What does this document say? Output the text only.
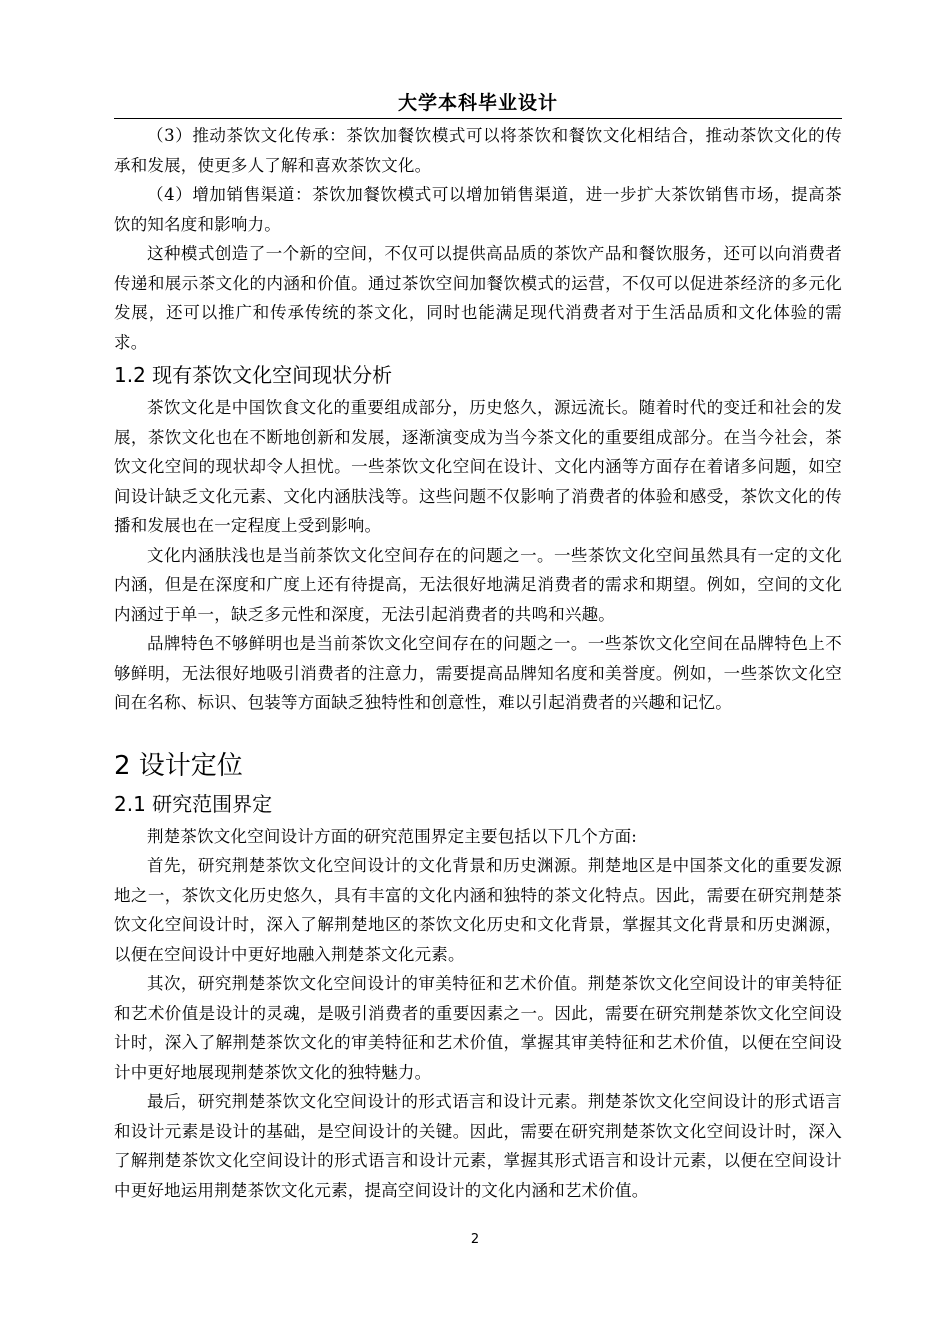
大学本科毕业设计

（3）推动茶饮文化传承：茶饮加餐饮模式可以将茶饮和餐饮文化相结合，推动茶饮文化的传承和发展，使更多人了解和喜欢茶饮文化。

（4）增加销售渠道：茶饮加餐饮模式可以增加销售渠道，进一步扩大茶饮销售市场，提高茶饮的知名度和影响力。

这种模式创造了一个新的空间，不仅可以提供高品质的茶饮产品和餐饮服务，还可以向消费者传递和展示茶文化的内涵和价值。通过茶饮空间加餐饮模式的运营，不仅可以促进茶经济的多元化发展，还可以推广和传承传统的茶文化，同时也能满足现代消费者对于生活品质和文化体验的需求。

1.2 现有茶饮文化空间现状分析

茶饮文化是中国饮食文化的重要组成部分，历史悠久，源远流长。随着时代的变迁和社会的发展，茶饮文化也在不断地创新和发展，逐渐演变成为当今茶文化的重要组成部分。在当今社会，茶饮文化空间的现状却令人担忧。一些茶饮文化空间在设计、文化内涵等方面存在着诸多问题，如空间设计缺乏文化元素、文化内涵肤浅等。这些问题不仅影响了消费者的体验和感受，茶饮文化的传播和发展也在一定程度上受到影响。

文化内涵肤浅也是当前茶饮文化空间存在的问题之一。一些茶饮文化空间虽然具有一定的文化内涵，但是在深度和广度上还有待提高，无法很好地满足消费者的需求和期望。例如，空间的文化内涵过于单一，缺乏多元性和深度，无法引起消费者的共鸣和兴趣。

品牌特色不够鲜明也是当前茶饮文化空间存在的问题之一。一些茶饮文化空间在品牌特色上不够鲜明，无法很好地吸引消费者的注意力，需要提高品牌知名度和美誉度。例如，一些茶饮文化空间在名称、标识、包装等方面缺乏独特性和创意性，难以引起消费者的兴趣和记忆。

2 设计定位
2.1 研究范围界定

荆楚茶饮文化空间设计方面的研究范围界定主要包括以下几个方面:

首先，研究荆楚茶饮文化空间设计的文化背景和历史渊源。荆楚地区是中国茶文化的重要发源地之一，茶饮文化历史悠久，具有丰富的文化内涵和独特的茶文化特点。因此，需要在研究荆楚茶饮文化空间设计时，深入了解荆楚地区的茶饮文化历史和文化背景，掌握其文化背景和历史渊源，以便在空间设计中更好地融入荆楚茶文化元素。

其次，研究荆楚茶饮文化空间设计的审美特征和艺术价值。荆楚茶饮文化空间设计的审美特征和艺术价值是设计的灵魂，是吸引消费者的重要因素之一。因此，需要在研究荆楚茶饮文化空间设计时，深入了解荆楚茶饮文化的审美特征和艺术价值，掌握其审美特征和艺术价值，以便在空间设计中更好地展现荆楚茶饮文化的独特魅力。

最后，研究荆楚茶饮文化空间设计的形式语言和设计元素。荆楚茶饮文化空间设计的形式语言和设计元素是设计的基础，是空间设计的关键。因此，需要在研究荆楚茶饮文化空间设计时，深入了解荆楚茶饮文化空间设计的形式语言和设计元素，掌握其形式语言和设计元素，以便在空间设计中更好地运用荆楚茶饮文化元素，提高空间设计的文化内涵和艺术价值。

2
